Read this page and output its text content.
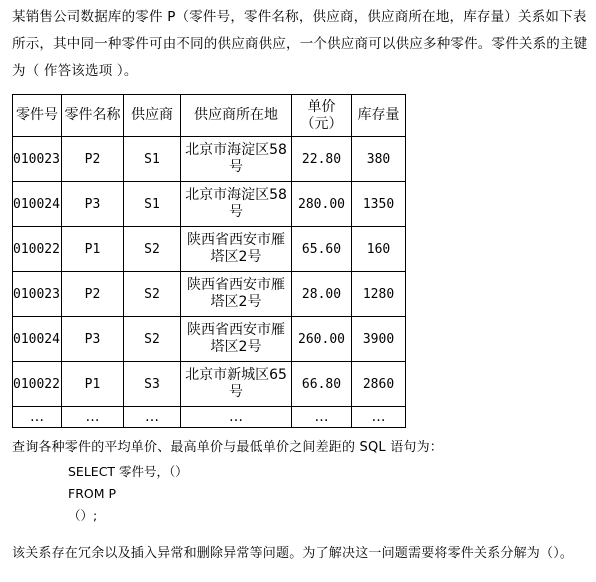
某销售公司数据库的零件 P（零件号，零件名称，供应商，供应商所在地，库存量）关系如下表所示，其中同一种零件可由不同的供应商供应，一个供应商可以供应多种零件。零件关系的主键为（ 作答该选项 ）。
零件号	零件名称	供应商	供应商所在地	单价（元）	库存量
010023	P2	S1	北京市海淀区58号	22.80	380
010024	P3	S1	北京市海淀区58号	280.00	1350
010022	P1	S2	陕西省西安市雁塔区2号	65.60	160
010023	P2	S2	陕西省西安市雁塔区2号	28.00	1280
010024	P3	S2	陕西省西安市雁塔区2号	260.00	3900
010022	P1	S3	北京市新城区65号	66.80	2860
…	…	…	…	…	…
查询各种零件的平均单价、最高单价与最低单价之间差距的 SQL 语句为：
SELECT 零件号，（）
FROM P
（）;
该关系存在冗余以及插入异常和删除异常等问题。为了解决这一问题需要将零件关系分解为（）。
